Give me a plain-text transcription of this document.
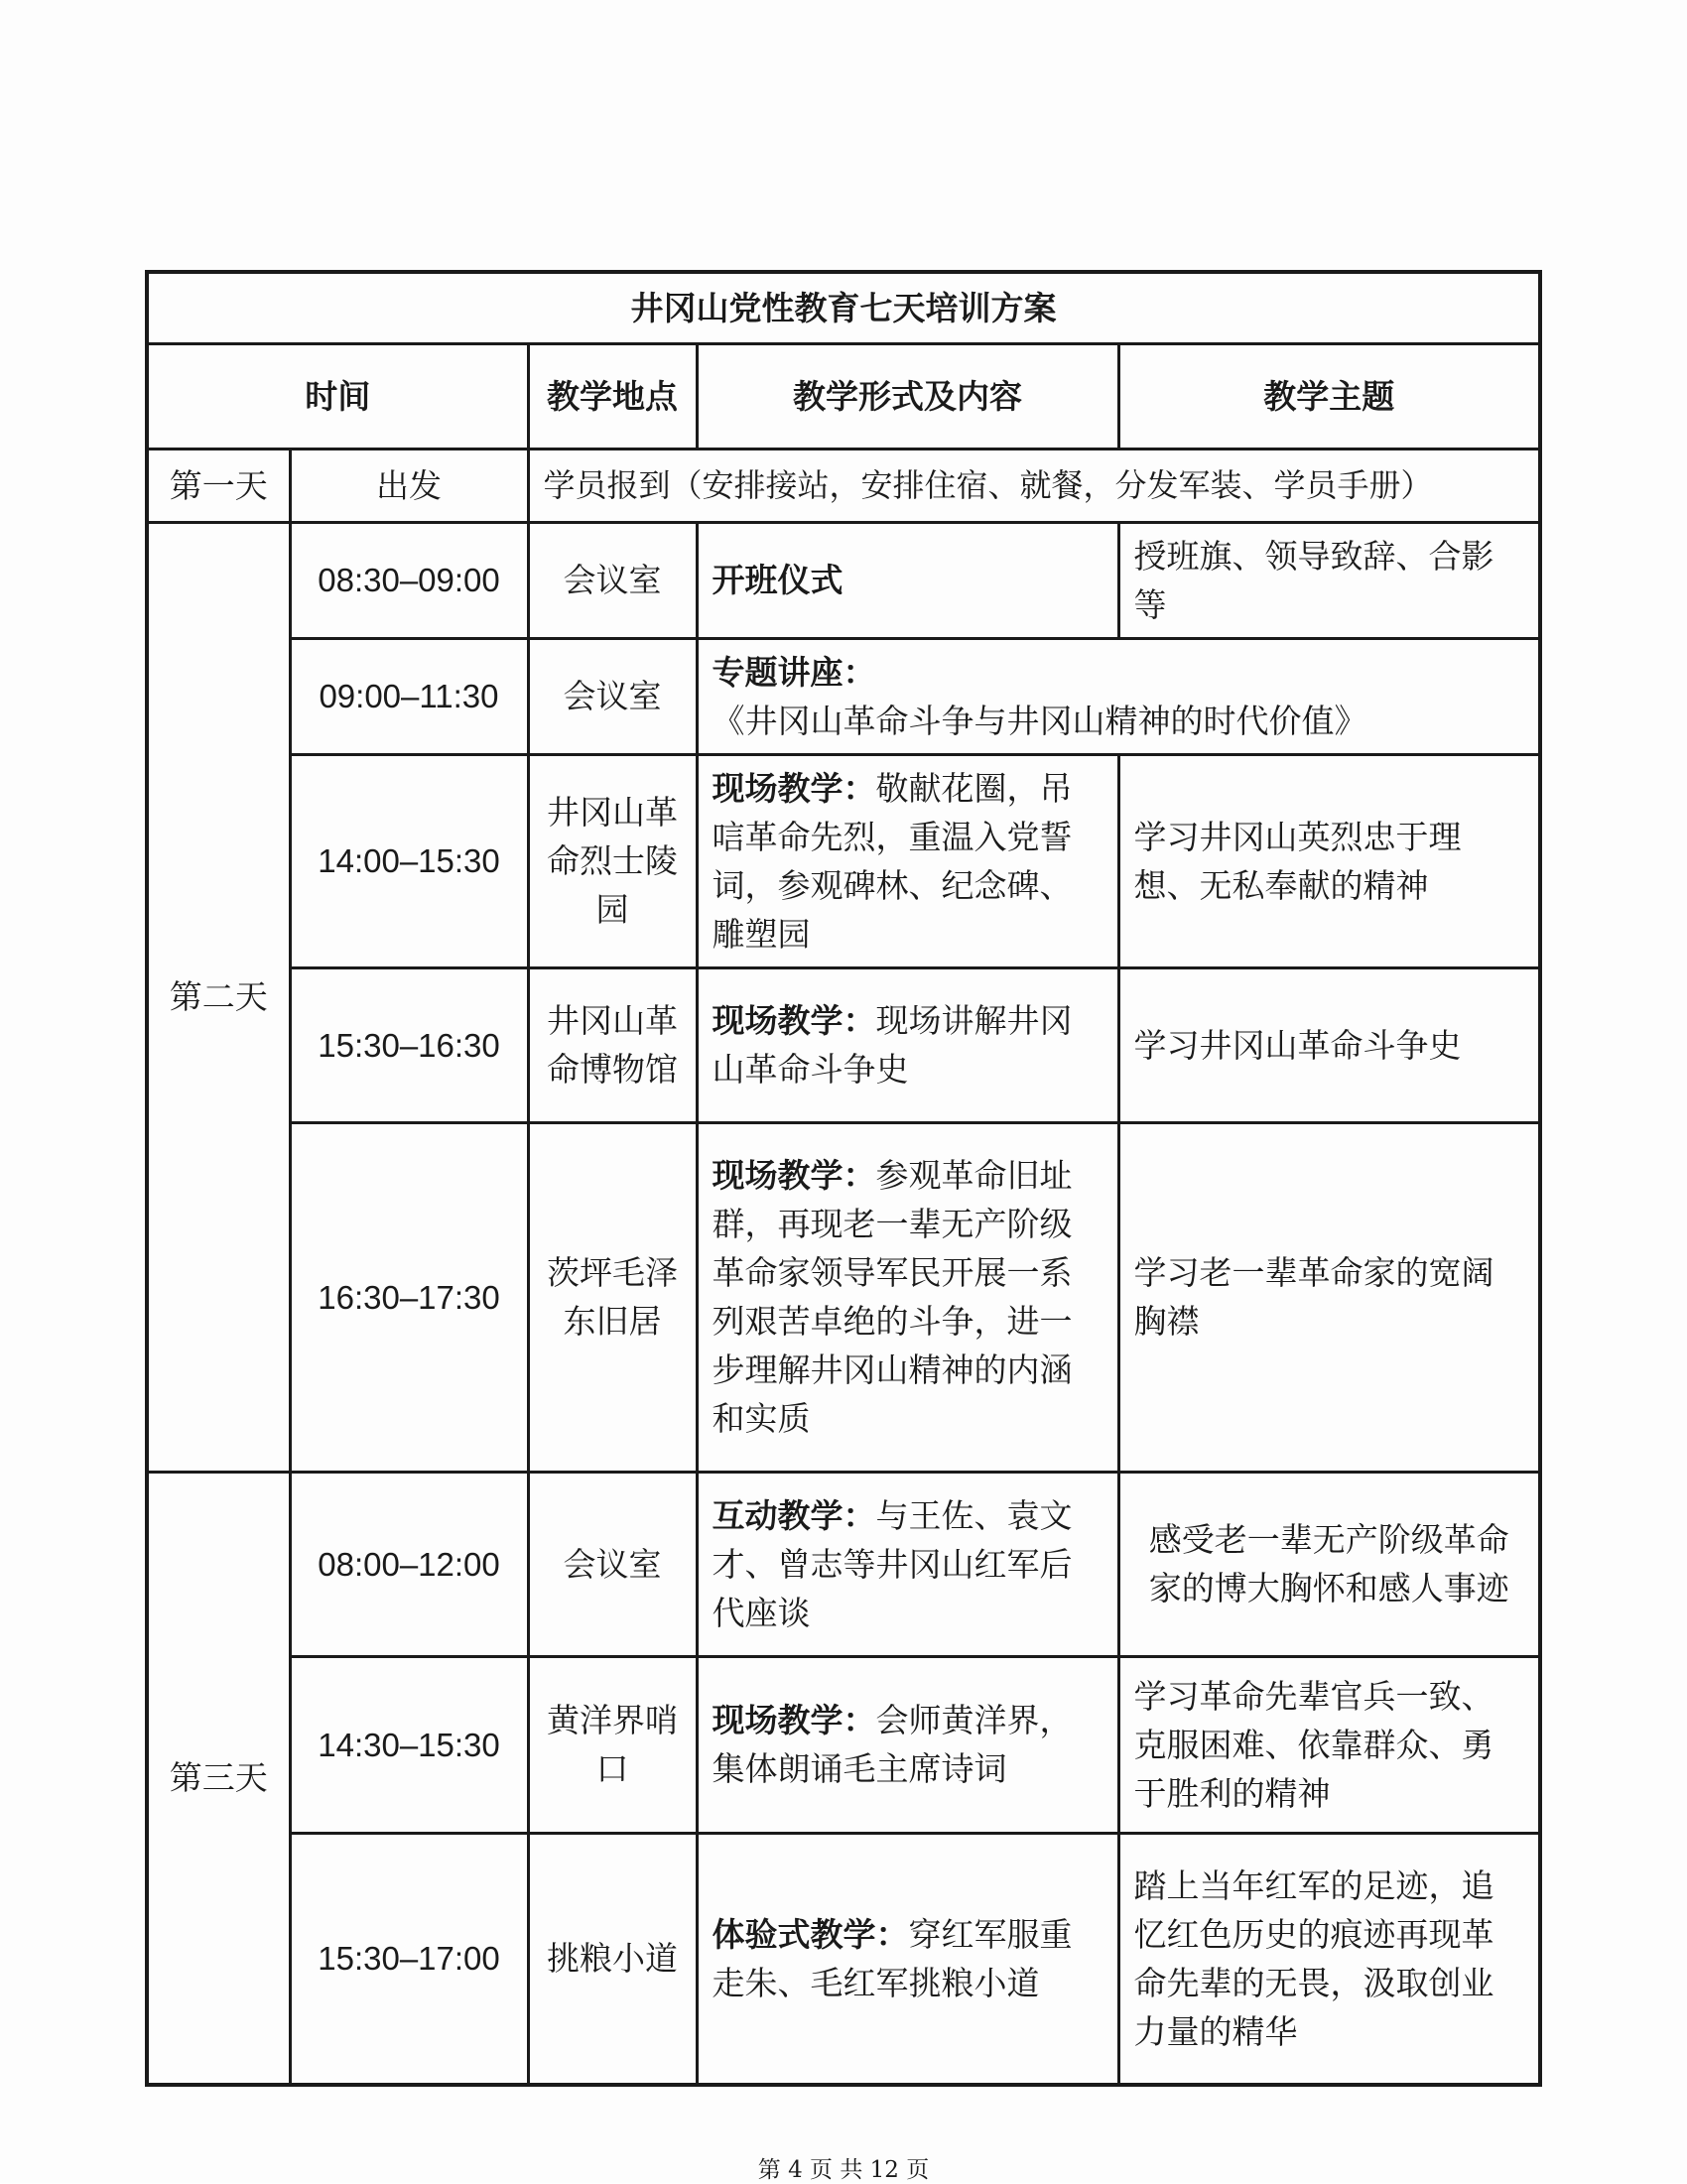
井冈山党性教育七天培训方案				
时间		教学地点	教学形式及内容	教学主题
第一天	出发	学员报到（安排接站，安排住宿、就餐，分发军装、学员手册）		
第二天	08:30–09:00	会议室	开班仪式	授班旗、领导致辞、合影等
	09:00–11:30	会议室	专题讲座：
《井冈山革命斗争与井冈山精神的时代价值》	

	14:00–15:30	井冈山革命烈士陵园	现场教学：敬献花圈，吊唁革命先烈，重温入党誓词，参观碑林、纪念碑、雕塑园	学习井冈山英烈忠于理想、无私奉献的精神
	15:30–16:30	井冈山革命博物馆	现场教学：现场讲解井冈山革命斗争史	学习井冈山革命斗争史
	16:30–17:30	茨坪毛泽东旧居	现场教学：参观革命旧址群，再现老一辈无产阶级革命家领导军民开展一系列艰苦卓绝的斗争，进一步理解井冈山精神的内涵和实质	学习老一辈革命家的宽阔胸襟
第三天	08:00–12:00	会议室	互动教学：与王佐、袁文才、曾志等井冈山红军后代座谈	感受老一辈无产阶级革命家的博大胸怀和感人事迹
	14:30–15:30	黄洋界哨口	现场教学：会师黄洋界，集体朗诵毛主席诗词	学习革命先辈官兵一致、克服困难、依靠群众、勇于胜利的精神
	15:30–17:00	挑粮小道	体验式教学：穿红军服重走朱、毛红军挑粮小道	踏上当年红军的足迹，追忆红色历史的痕迹再现革命先辈的无畏，汲取创业力量的精华
第 4 页 共 12 页
